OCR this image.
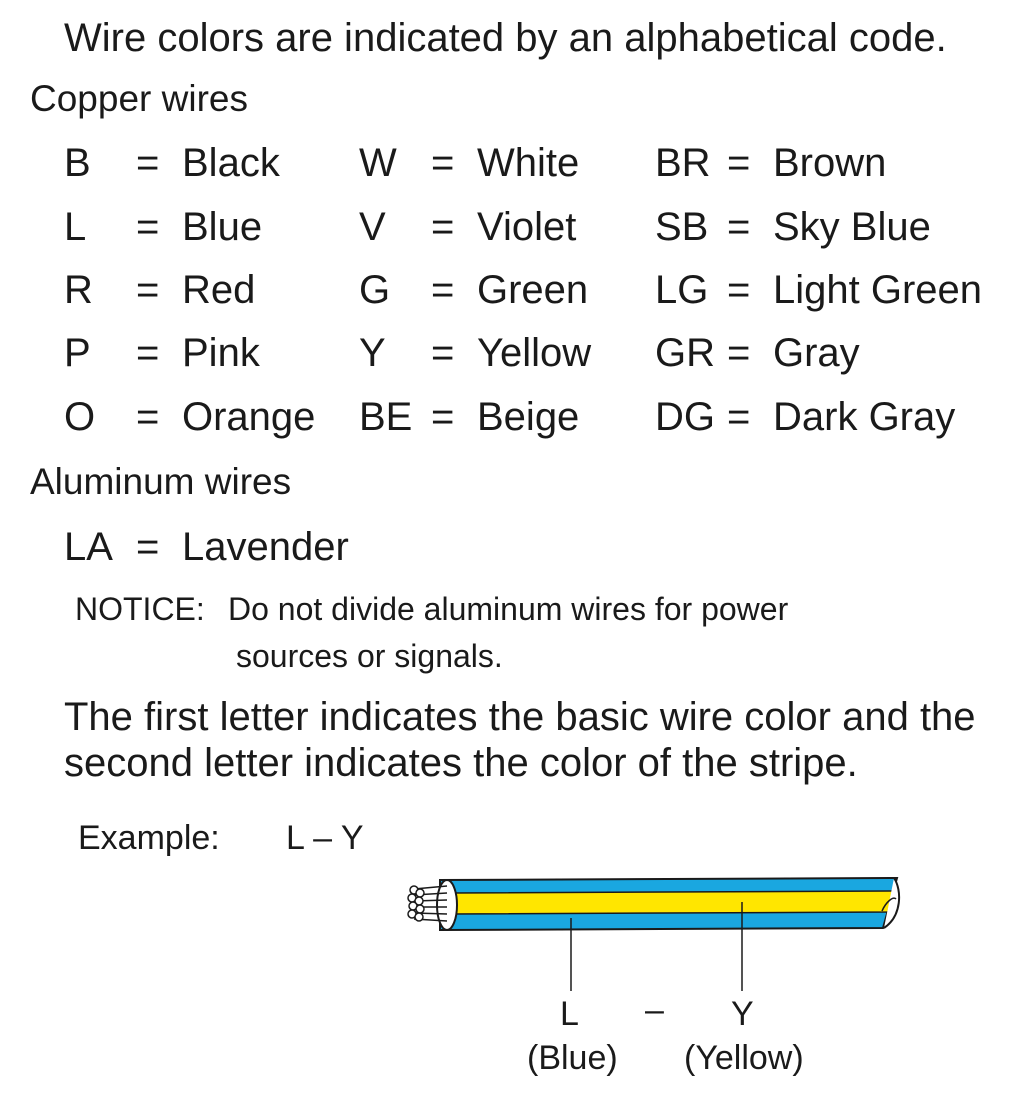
Wire colors are indicated by an alphabetical code.
Copper wires
B = Black W = White BR = Brown
L = Blue V = Violet SB = Sky Blue
R = Red	G = Green LG = Light Green
P = Pink Y = Yellow GR = Gray
O = Orange BE = Beige DG = Dark Gray
Aluminum wires
LA = Lavender
NOTICE: Do not divide aluminum wires for power
sources or signals.
The first letter indicates the basic wire color and the
second letter indicates the color of the stripe.
Example: L – Y
L – Y
(Blue) (Yellow)
